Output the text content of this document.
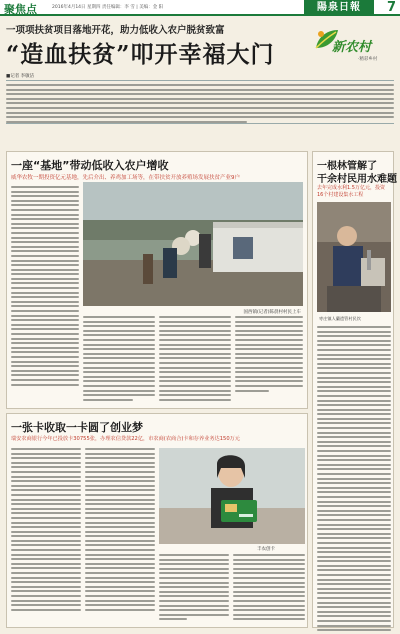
聚焦点	2016年4月14日 星期四 责任编辑：李 雪 | 美编：金 阳	陽泉日報	7
一项项扶贫项目落地开花，助力低收入农户脱贫致富
“造血扶贫”叩开幸福大门	新农村
·精彩乡村
■记者 李敏洁
一座“基地”带动低收入农户增收
威华农牧一期投资亿元基地，先后介出、养鸡加工场等，在带扶贫开放养殖场发展扶贫产业9户
国西镇(记者)陈晨村村民上车
一根林管解了
干余村民用水难题
去年完成水利1.5万亿元，投资16个村建设集水工程
枣庄镇人蘭遗管村民饮
一张卡收取一卡圆了创业梦
瑞安农商银行今年已投放卡30755张，办理农信贷款22亿，市农商(农商合)卡和存养业务达150万元
丰农创卡
